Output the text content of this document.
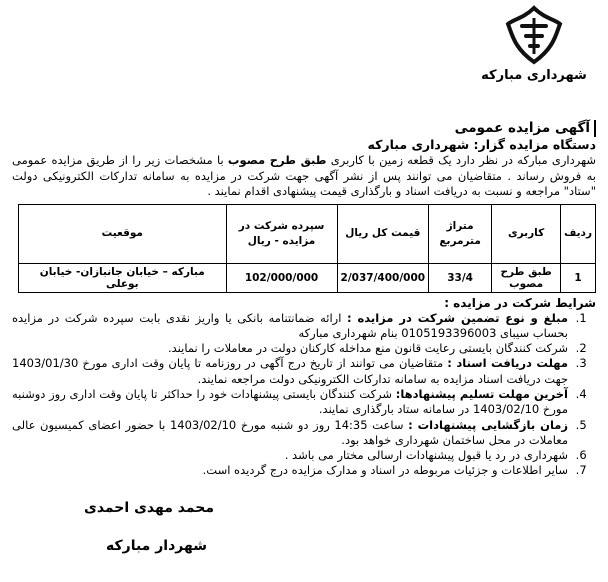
شهرداری مبارکه
آگهی مزایده عمومی
دستگاه مزایده گزار: شهرداری مبارکه
شهرداری مبارکه در نظر دارد یک قطعه زمین با کاربری طبق طرح مصوب با مشخصات زیر را از طریق مزایده عمومی به فروش رساند . متقاضیان می توانند پس از نشر آگهی جهت شرکت در مزایده به سامانه تدارکات الکترونیکی دولت "ستاد" مراجعه و نسبت به دریافت اسناد و بارگذاری قیمت پیشنهادی اقدام نمایند .
ردیف	کاربری	متراژ مترمربع	قیمت کل ریال	سپرده شرکت در مزایده - ریال	موقعیت
1	طبق طرح مصوب	33/4	2/037/400/000	102/000/000	مبارکه – خیابان جانبازان- خیابان بوعلی
شرایط شرکت در مزایده :
1. مبلغ و نوع تضمین شرکت در مزایده : ارائه ضمانتنامه بانکی یا واریز نقدی بابت سپرده شرکت در مزایده بحساب سیبای 0105193396003 بنام شهرداری مبارکه
2. شرکت کنندگان بایستی رعایت قانون منع مداخله کارکنان دولت در معاملات را نمایند.
3. مهلت دریافت اسناد : متقاضیان می توانند از تاریخ درج آگهی در روزنامه تا پایان وقت اداری مورخ 1403/01/30 جهت دریافت اسناد مزایده به سامانه تدارکات الکترونیکی دولت مراجعه نمایند.
4. آخرین مهلت تسلیم پیشنهادها: شرکت کنندگان بایستی پیشنهادات خود را حداکثر تا پایان وقت اداری روز دوشنبه مورخ 1403/02/10 در سامانه ستاد بارگذاری نمایند.
5. زمان بازگشایی پیشنهادات : ساعت 14:35 روز دو شنبه مورخ 1403/02/10 با حضور اعضای کمیسیون عالی معاملات در محل ساختمان شهرداری خواهد بود.
6. شهرداری در رد یا قبول پیشنهادات ارسالی مختار می باشد .
7. سایر اطلاعات و جزئیات مربوطه در اسناد و مدارک مزایده درج گردیده است.
محمد مهدی احمدی
شهردار مبارکه
